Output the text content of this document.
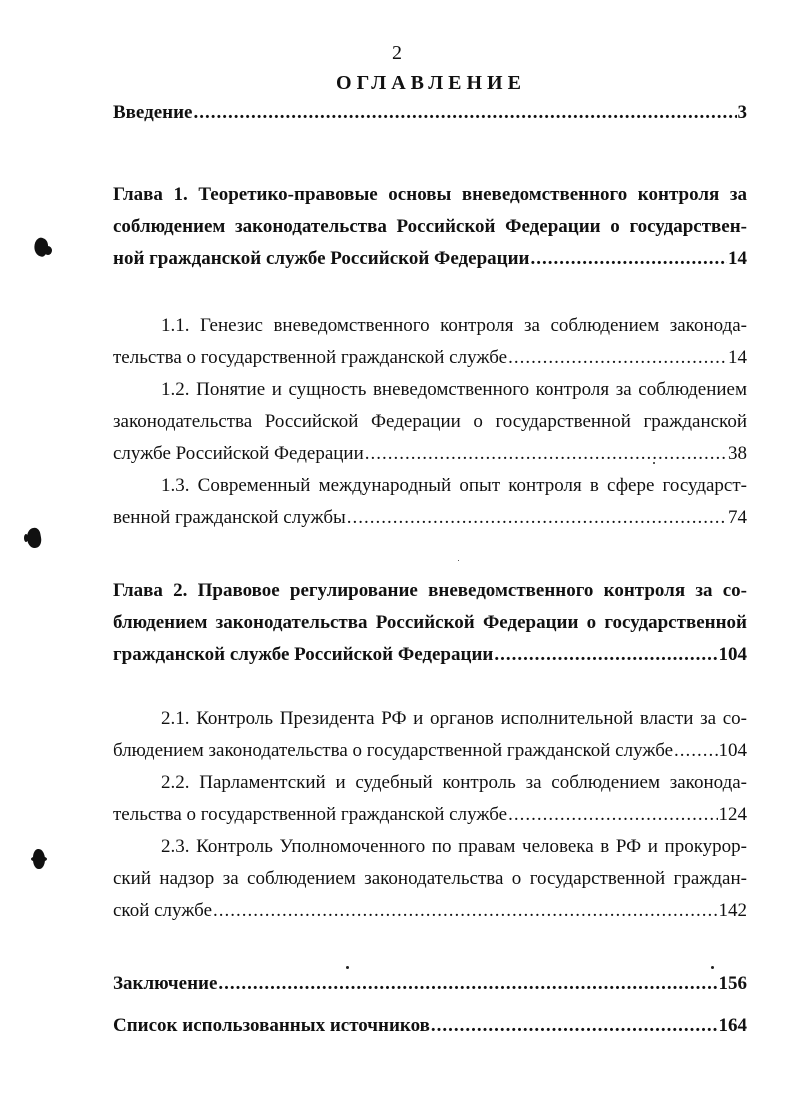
2
ОГЛАВЛЕНИЕ
Введение .....	3
Глава 1. Теоретико-правовые основы вневедомственного контроля за
соблюдением законодательства Российской Федерации о государствен-
ной гражданской службе Российской Федерации .....	14
1.1. Генезис вневедомственного контроля за соблюдением законода-
тельства о государственной гражданской службе .....	14
1.2. Понятие и сущность вневедомственного контроля за соблюдением
законодательства Российской Федерации о государственной гражданской
службе Российской Федерации .....	38
1.3. Современный международный опыт контроля в сфере государст-
венной гражданской службы .....	74
Глава 2. Правовое регулирование вневедомственного контроля за со-
блюдением законодательства Российской Федерации о государственной
гражданской службе Российской Федерации .....	104
2.1. Контроль Президента РФ и органов исполнительной власти за со-
блюдением законодательства о государственной гражданской службе ..... 104
2.2. Парламентский и судебный контроль за соблюдением законода-
тельства о государственной гражданской службе .....	124
2.3. Контроль Уполномоченного по правам человека в РФ и прокурор-
ский надзор за соблюдением законодательства о государственной граждан-
ской службе .....	142
Заключение .....	156
Список использованных источников .....	164
